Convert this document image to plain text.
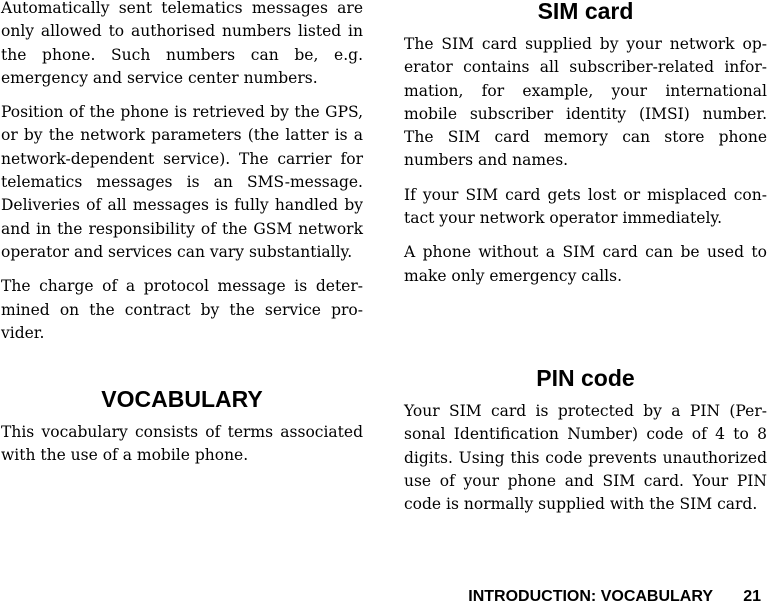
Automatically sent telematics messages are only allowed to authorised numbers listed in the phone. Such numbers can be, e.g. emergency and service center numbers.

Position of the phone is retrieved by the GPS, or by the network parameters (the latter is a network-dependent service). The carrier for telematics messages is an SMS-message. Deliveries of all messages is fully handled by and in the responsibility of the GSM network operator and services can vary substantially.

The charge of a protocol message is determined on the contract by the service provider.

VOCABULARY

This vocabulary consists of terms associated with the use of a mobile phone.

SIM card

The SIM card supplied by your network operator contains all subscriber-related information, for example, your international mobile subscriber identity (IMSI) number. The SIM card memory can store phone numbers and names.

If your SIM card gets lost or misplaced contact your network operator immediately.

A phone without a SIM card can be used to make only emergency calls.

PIN code

Your SIM card is protected by a PIN (Personal Identification Number) code of 4 to 8 digits. Using this code prevents unauthorized use of your phone and SIM card. Your PIN code is normally supplied with the SIM card.

INTRODUCTION: VOCABULARY 21
